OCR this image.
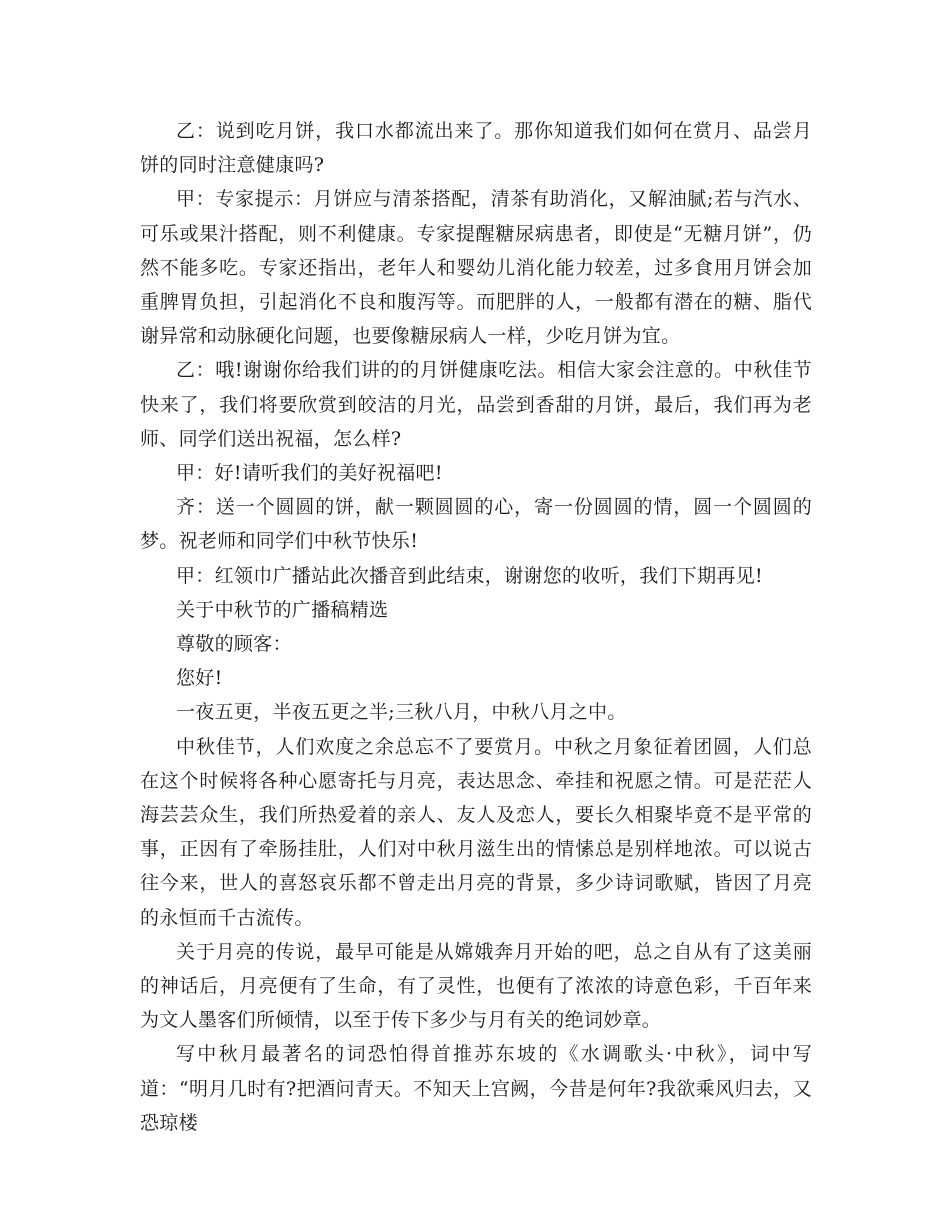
乙：说到吃月饼，我口水都流出来了。那你知道我们如何在赏月、品尝月饼的同时注意健康吗?

甲：专家提示：月饼应与清茶搭配，清茶有助消化，又解油腻;若与汽水、可乐或果汁搭配，则不利健康。专家提醒糖尿病患者，即使是“无糖月饼”，仍然不能多吃。专家还指出，老年人和婴幼儿消化能力较差，过多食用月饼会加重脾胃负担，引起消化不良和腹泻等。而肥胖的人，一般都有潜在的糖、脂代谢异常和动脉硬化问题，也要像糖尿病人一样，少吃月饼为宜。

乙：哦!谢谢你给我们讲的的月饼健康吃法。相信大家会注意的。中秋佳节快来了，我们将要欣赏到皎洁的月光，品尝到香甜的月饼，最后，我们再为老师、同学们送出祝福，怎么样?

甲：好!请听我们的美好祝福吧!

齐：送一个圆圆的饼，献一颗圆圆的心，寄一份圆圆的情，圆一个圆圆的梦。祝老师和同学们中秋节快乐!

甲：红领巾广播站此次播音到此结束，谢谢您的收听，我们下期再见!

关于中秋节的广播稿精选

尊敬的顾客：

您好!

一夜五更，半夜五更之半;三秋八月，中秋八月之中。

中秋佳节，人们欢度之余总忘不了要赏月。中秋之月象征着团圆，人们总在这个时候将各种心愿寄托与月亮，表达思念、牵挂和祝愿之情。可是茫茫人海芸芸众生，我们所热爱着的亲人、友人及恋人，要长久相聚毕竟不是平常的事，正因有了牵肠挂肚，人们对中秋月滋生出的情愫总是别样地浓。可以说古往今来，世人的喜怒哀乐都不曾走出月亮的背景，多少诗词歌赋，皆因了月亮的永恒而千古流传。

关于月亮的传说，最早可能是从嫦娥奔月开始的吧，总之自从有了这美丽的神话后，月亮便有了生命，有了灵性，也便有了浓浓的诗意色彩，千百年来为文人墨客们所倾情，以至于传下多少与月有关的绝词妙章。

写中秋月最著名的词恐怕得首推苏东坡的《水调歌头·中秋》，词中写道：“明月几时有?把酒问青天。不知天上宫阙，今昔是何年?我欲乘风归去，又恐琼楼
